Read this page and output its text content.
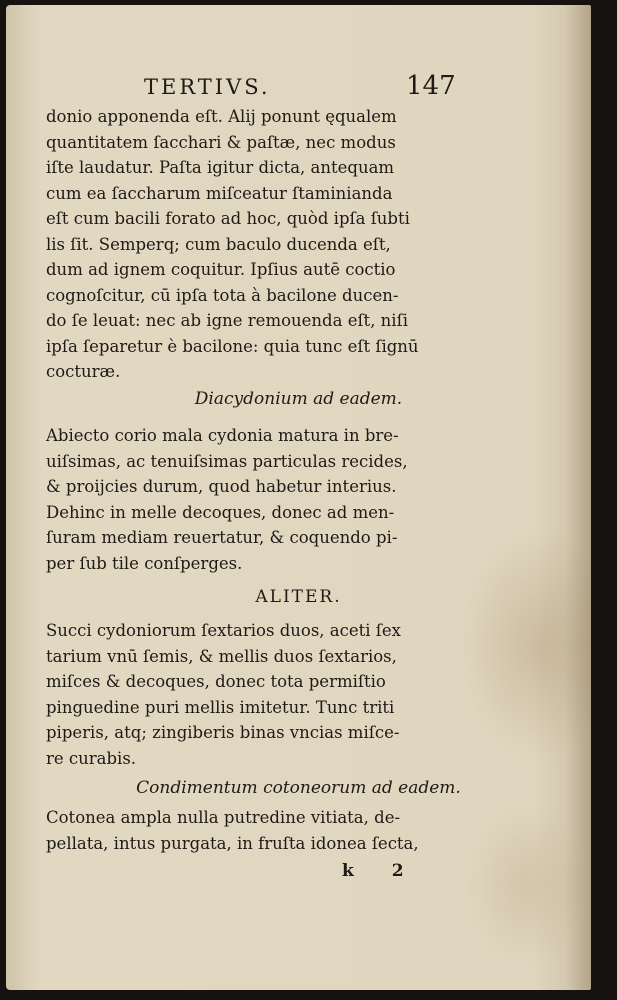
TERTIVS.	147
donio apponenda eſt. Alij ponunt ęqualem
quantitatem ſacchari & paſtæ, nec modus
iſte laudatur. Paſta igitur dicta, antequam
cum ea ſaccharum miſceatur ſtaminianda
eſt cum bacili forato ad hoc, quòd ipſa ſubti
lis ſit. Semperq; cum baculo ducenda eſt,
dum ad ignem coquitur. Ipſius autē coctio
cognoſcitur, cū ipſa tota à bacilone ducen-
do ſe leuat: nec ab igne remouenda eſt, niſi
ipſa ſeparetur è bacilone: quia tunc eſt ſignū
cocturæ.
Diacydonium ad eadem.
Abiecto corio mala cydonia matura in bre-
uiſsimas, ac tenuiſsimas particulas recides,
& proijcies durum, quod habetur interius.
Dehinc in melle decoques, donec ad men-
ſuram mediam reuertatur, & coquendo pi-
per ſub tile conſperges.
ALITER.
Succi cydoniorum ſextarios duos, aceti ſex
tarium vnū ſemis, & mellis duos ſextarios,
miſces & decoques, donec tota permiſtio
pinguedine puri mellis imitetur. Tunc triti
piperis, atq; zingiberis binas vncias miſce-
re curabis.
Condimentum cotoneorum ad eadem.
Cotonea ampla nulla putredine vitiata, de-
pellata, intus purgata, in fruſta idonea ſecta,
k 2
